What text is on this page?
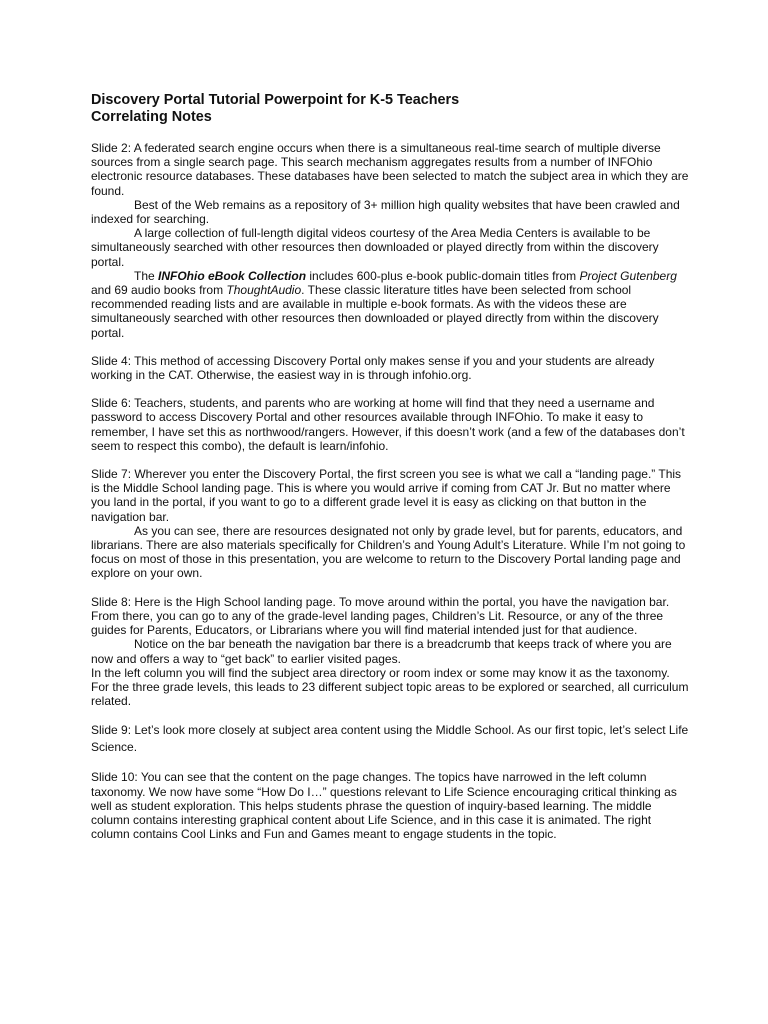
Discovery Portal Tutorial Powerpoint for K-5 Teachers
Correlating Notes

Slide 2: A federated search engine occurs when there is a simultaneous real-time search of multiple diverse sources from a single search page. This search mechanism aggregates results from a number of INFOhio electronic resource databases. These databases have been selected to match the subject area in which they are found.

Best of the Web remains as a repository of 3+ million high quality websites that have been crawled and indexed for searching.

A large collection of full-length digital videos courtesy of the Area Media Centers is available to be simultaneously searched with other resources then downloaded or played directly from within the discovery portal.

The INFOhio eBook Collection includes 600-plus e-book public-domain titles from Project Gutenberg and 69 audio books from ThoughtAudio. These classic literature titles have been selected from school recommended reading lists and are available in multiple e-book formats. As with the videos these are simultaneously searched with other resources then downloaded or played directly from within the discovery portal.

Slide 4: This method of accessing Discovery Portal only makes sense if you and your students are already working in the CAT. Otherwise, the easiest way in is through infohio.org.

Slide 6: Teachers, students, and parents who are working at home will find that they need a username and password to access Discovery Portal and other resources available through INFOhio. To make it easy to remember, I have set this as northwood/rangers. However, if this doesn’t work (and a few of the databases don’t seem to respect this combo), the default is learn/infohio.

Slide 7: Wherever you enter the Discovery Portal, the first screen you see is what we call a “landing page.” This is the Middle School landing page. This is where you would arrive if coming from CAT Jr. But no matter where you land in the portal, if you want to go to a different grade level it is easy as clicking on that button in the navigation bar.

As you can see, there are resources designated not only by grade level, but for parents, educators, and librarians. There are also materials specifically for Children’s and Young Adult’s Literature. While I’m not going to focus on most of those in this presentation, you are welcome to return to the Discovery Portal landing page and explore on your own.

Slide 8: Here is the High School landing page. To move around within the portal, you have the navigation bar. From there, you can go to any of the grade-level landing pages, Children’s Lit. Resource, or any of the three guides for Parents, Educators, or Librarians where you will find material intended just for that audience.

Notice on the bar beneath the navigation bar there is a breadcrumb that keeps track of where you are now and offers a way to “get back” to earlier visited pages.

In the left column you will find the subject area directory or room index or some may know it as the taxonomy. For the three grade levels, this leads to 23 different subject topic areas to be explored or searched, all curriculum related.

Slide 9: Let’s look more closely at subject area content using the Middle School. As our first topic, let’s select Life Science.

Slide 10: You can see that the content on the page changes. The topics have narrowed in the left column taxonomy. We now have some “How Do I…” questions relevant to Life Science encouraging critical thinking as well as student exploration. This helps students phrase the question of inquiry-based learning. The middle column contains interesting graphical content about Life Science, and in this case it is animated. The right column contains Cool Links and Fun and Games meant to engage students in the topic.
